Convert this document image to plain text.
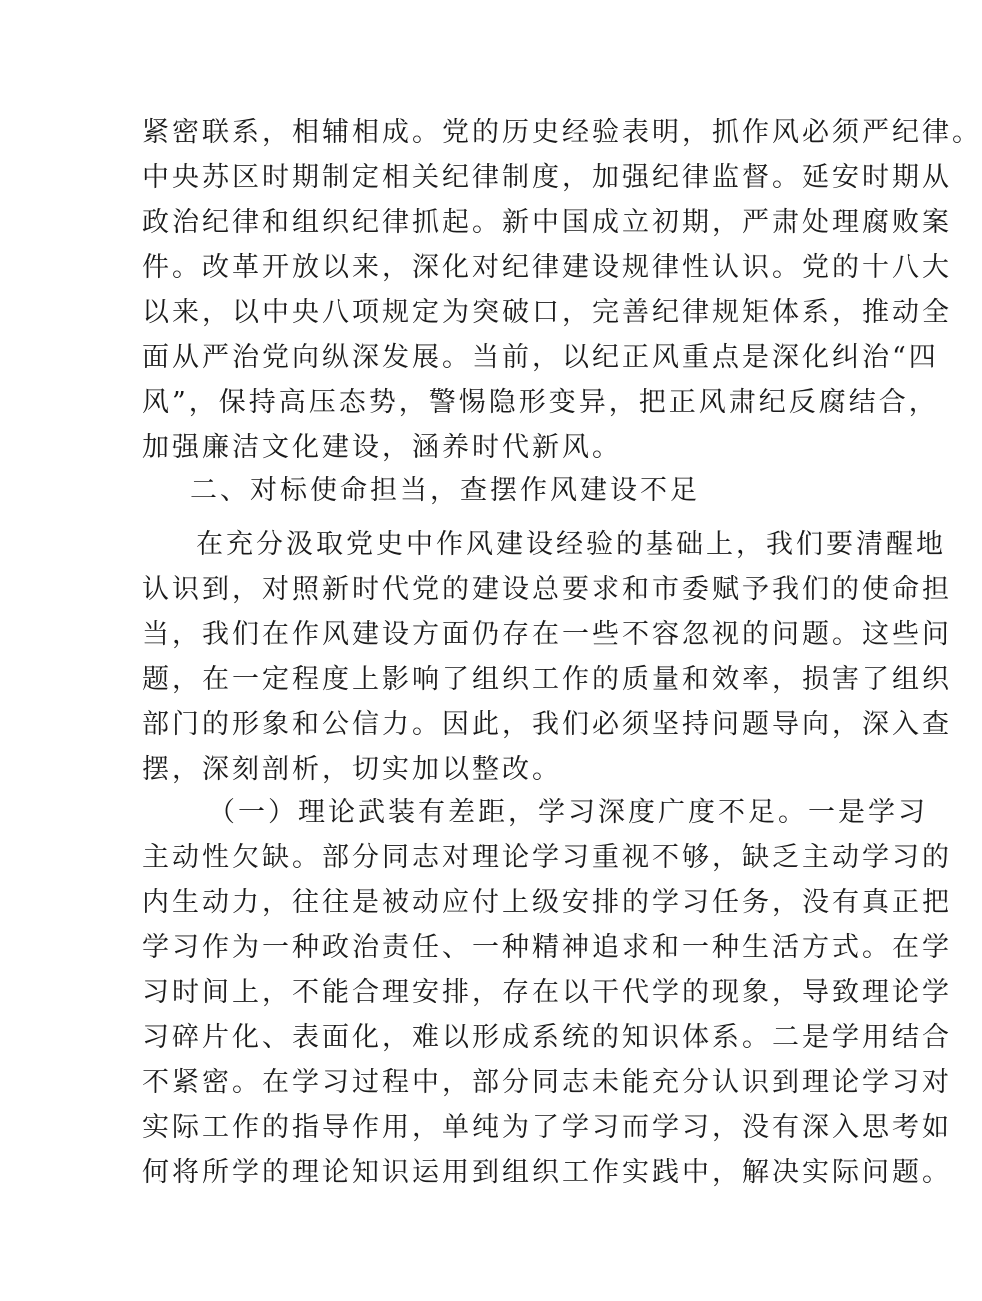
紧密联系，相辅相成。党的历史经验表明，抓作风必须严纪律。
中央苏区时期制定相关纪律制度，加强纪律监督。延安时期从
政治纪律和组织纪律抓起。新中国成立初期，严肃处理腐败案
件。改革开放以来，深化对纪律建设规律性认识。党的十八大
以来，以中央八项规定为突破口，完善纪律规矩体系，推动全
面从严治党向纵深发展。当前，以纪正风重点是深化纠治“四
风”，保持高压态势，警惕隐形变异，把正风肃纪反腐结合，
加强廉洁文化建设，涵养时代新风。
二、对标使命担当，查摆作风建设不足
在充分汲取党史中作风建设经验的基础上，我们要清醒地
认识到，对照新时代党的建设总要求和市委赋予我们的使命担
当，我们在作风建设方面仍存在一些不容忽视的问题。这些问
题，在一定程度上影响了组织工作的质量和效率，损害了组织
部门的形象和公信力。因此，我们必须坚持问题导向，深入查
摆，深刻剖析，切实加以整改。
（一）理论武装有差距，学习深度广度不足。一是学习
主动性欠缺。部分同志对理论学习重视不够，缺乏主动学习的
内生动力，往往是被动应付上级安排的学习任务，没有真正把
学习作为一种政治责任、一种精神追求和一种生活方式。在学
习时间上，不能合理安排，存在以干代学的现象，导致理论学
习碎片化、表面化，难以形成系统的知识体系。二是学用结合
不紧密。在学习过程中，部分同志未能充分认识到理论学习对
实际工作的指导作用，单纯为了学习而学习，没有深入思考如
何将所学的理论知识运用到组织工作实践中，解决实际问题。
